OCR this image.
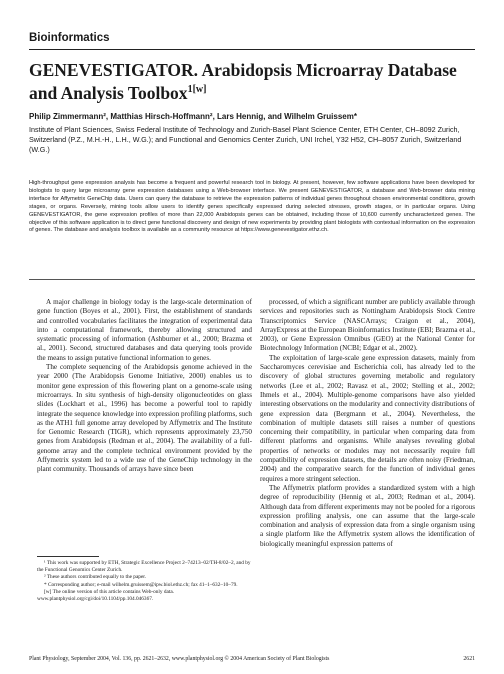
Bioinformatics
GENEVESTIGATOR. Arabidopsis Microarray Database and Analysis Toolbox$^{1[w]}$
Philip Zimmermann², Matthias Hirsch-Hoffmann², Lars Hennig, and Wilhelm Gruissem*
Institute of Plant Sciences, Swiss Federal Institute of Technology and Zurich-Basel Plant Science Center, ETH Center, CH–8092 Zurich, Switzerland (P.Z., M.H.-H., L.H., W.G.); and Functional and Genomics Center Zurich, UNI Irchel, Y32 H52, CH–8057 Zurich, Switzerland (W.G.)

High-throughput gene expression analysis has become a frequent and powerful research tool in biology. At present, however, few software applications have been developed for biologists to query large microarray gene expression databases using a Web-browser interface. We present GENEVESTIGATOR, a database and Web-browser data mining interface for Affymetrix GeneChip data. Users can query the database to retrieve the expression patterns of individual genes throughout chosen environmental conditions, growth stages, or organs. Reversely, mining tools allow users to identify genes specifically expressed during selected stresses, growth stages, or in particular organs. Using GENEVESTIGATOR, the gene expression profiles of more than 22,000 Arabidopsis genes can be obtained, including those of 10,600 currently uncharacterized genes. The objective of this software application is to direct gene functional discovery and design of new experiments by providing plant biologists with contextual information on the expression of genes. The database and analysis toolbox is available as a community resource at https://www.genevestigator.ethz.ch.

A major challenge in biology today is the large-scale determination of gene function (Boyes et al., 2001). First, the establishment of standards and controlled vocabularies facilitates the integration of experimental data into a computational framework, thereby allowing structured and systematic processing of information (Ashburner et al., 2000; Brazma et al., 2001). Second, structured databases and data querying tools provide the means to assign putative functional information to genes.

The complete sequencing of the Arabidopsis genome achieved in the year 2000 (The Arabidopsis Genome Initiative, 2000) enables us to monitor gene expression of this flowering plant on a genome-scale using microarrays. In situ synthesis of high-density oligonucleotides on glass slides (Lockhart et al., 1996) has become a powerful tool to rapidly integrate the sequence knowledge into expression profiling platforms, such as the ATH1 full genome array developed by Affymetrix and The Institute for Genomic Research (TIGR), which represents approximately 23,750 genes from Arabidopsis (Redman et al., 2004). The availability of a full-genome array and the complete technical environment provided by the Affymetrix system led to a wide use of the GeneChip technology in the plant community. Thousands of arrays have since been

processed, of which a significant number are publicly available through services and repositories such as Nottingham Arabidopsis Stock Centre Transcriptomics Service (NASCArrays; Craigon et al., 2004), ArrayExpress at the European Bioinformatics Institute (EBI; Brazma et al., 2003), or Gene Expression Omnibus (GEO) at the National Center for Biotechnology Information (NCBI; Edgar et al., 2002).

The exploitation of large-scale gene expression datasets, mainly from Saccharomyces cerevisiae and Escherichia coli, has already led to the discovery of global structures governing metabolic and regulatory networks (Lee et al., 2002; Ravasz et al., 2002; Stelling et al., 2002; Ihmels et al., 2004). Multiple-genome comparisons have also yielded interesting observations on the modularity and connectivity distributions of gene expression data (Bergmann et al., 2004). Nevertheless, the combination of multiple datasets still raises a number of questions concerning their compatibility, in particular when comparing data from different platforms and organisms. While analyses revealing global properties of networks or modules may not necessarily require full compatibility of expression datasets, the details are often noisy (Friedman, 2004) and the comparative search for the function of individual genes requires a more stringent selection.

The Affymetrix platform provides a standardized system with a high degree of reproducibility (Hennig et al., 2003; Redman et al., 2004). Although data from different experiments may not be pooled for a rigorous expression profiling analysis, one can assume that the large-scale combination and analysis of expression data from a single organism using a single platform like the Affymetrix system allows the identification of biologically meaningful expression patterns of

¹ This work was supported by ETH, Strategic Excellence Project 2–74213–02/TH-8/02–2, and by the Functional Genomics Center Zurich.

² These authors contributed equally to the paper.

* Corresponding author; e-mail wilhelm.gruissem@ipw.biol.ethz.ch; fax 41–1–632–10–79.

[w] The online version of this article contains Web-only data. www.plantphysiol.org/cgi/doi/10.1104/pp.104.046367.

Plant Physiology, September 2004, Vol. 136, pp. 2621–2632, www.plantphysiol.org © 2004 American Society of Plant Biologists	2621
